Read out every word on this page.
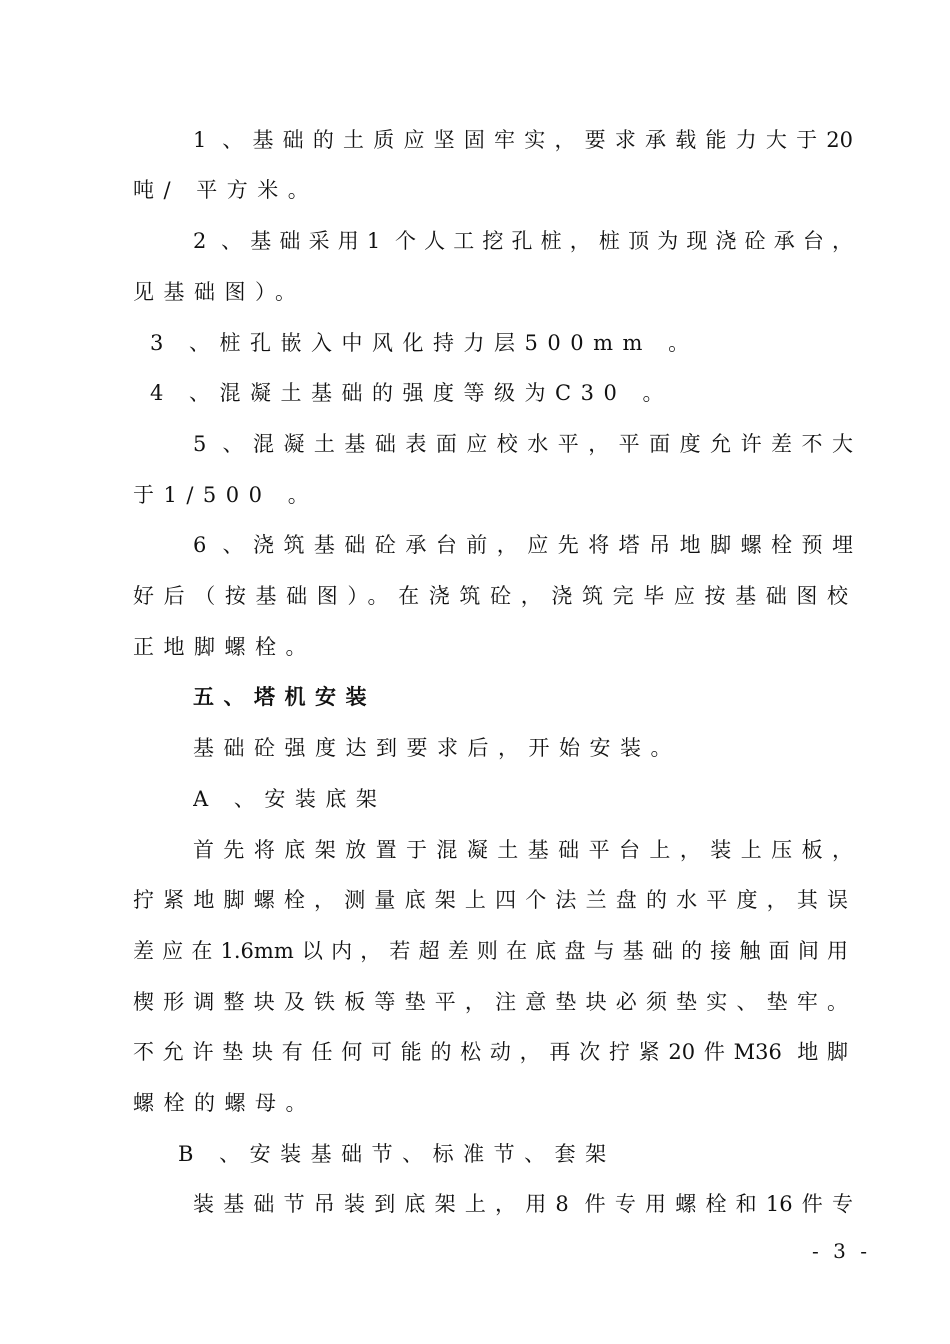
1 、基础的土质应坚固牢实，要求承载能力大于20
吨/ 平方米。
2 、基础采用1 个人工挖孔桩，桩顶为现浇砼承台，
见基础图）。
3 、桩孔嵌入中风化持力层500mm 。
4 、混凝土基础的强度等级为C30 。
5 、混凝土基础表面应校水平，平面度允许差不大
于1/500 。
6 、浇筑基础砼承台前，应先将塔吊地脚螺栓预埋
好后（按基础图）。在浇筑砼，浇筑完毕应按基础图校
正地脚螺栓。
五、塔机安装
基础砼强度达到要求后，开始安装。
A 、安装底架
首先将底架放置于混凝土基础平台上，装上压板，
拧紧地脚螺栓，测量底架上四个法兰盘的水平度，其误
差应在1.6mm以内，若超差则在底盘与基础的接触面间用
楔形调整块及铁板等垫平，注意垫块必须垫实、垫牢。
不允许垫块有任何可能的松动，再次拧紧20件M36 地脚
螺栓的螺母。
B 、安装基础节、标准节、套架
装基础节吊装到底架上，用8 件专用螺栓和16件专
- 3 -
